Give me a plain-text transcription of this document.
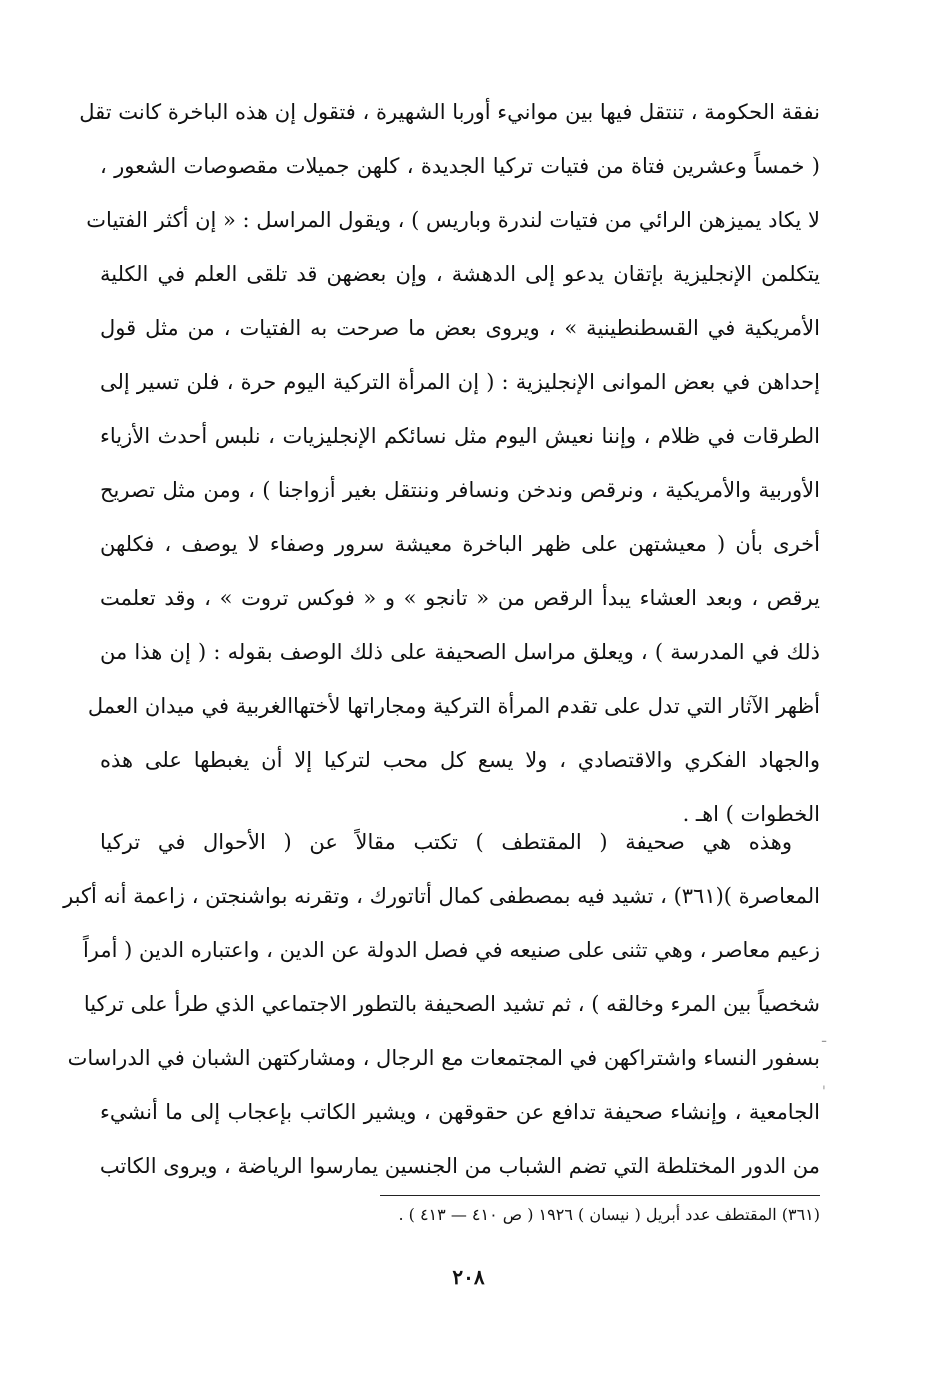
نفقة الحكومة ، تنتقل فيها بين موانيء أوربا الشهيرة ، فتقول إن هذه الباخرة كانت تقل
( خمساً وعشرين فتاة من فتيات تركيا الجديدة ، كلهن جميلات مقصوصات الشعور ،
لا يكاد يميزهن الرائي من فتيات لندرة وباريس ) ، ويقول المراسل : « إن أكثر الفتيات
يتكلمن الإنجليزية بإتقان يدعو إلى الدهشة ، وإن بعضهن قد تلقى العلم في الكلية
الأمريكية في القسطنطينية » ، ويروى بعض ما صرحت به الفتيات ، من مثل قول
إحداهن في بعض الموانى الإنجليزية : ( إن المرأة التركية اليوم حرة ، فلن تسير إلى
الطرقات في ظلام ، وإننا نعيش اليوم مثل نسائكم الإنجليزيات ، نلبس أحدث الأزياء
الأوربية والأمريكية ، ونرقص وندخن ونسافر وننتقل بغير أزواجنا ) ، ومن مثل تصريح
أخرى بأن ( معيشتهن على ظهر الباخرة معيشة سرور وصفاء لا يوصف ، فكلهن
يرقص ، وبعد العشاء يبدأ الرقص من « تانجو » و « فوكس تروت » ، وقد تعلمت
ذلك في المدرسة ) ، ويعلق مراسل الصحيفة على ذلك الوصف بقوله : ( إن هذا من
أظهر الآثار التي تدل على تقدم المرأة التركية ومجاراتها لأختهاالغربية في ميدان العمل
والجهاد الفكري والاقتصادي ، ولا يسع كل محب لتركيا إلا أن يغبطها على هذه
الخطوات ) اهـ .
وهذه هي صحيفة ( المقتطف ) تكتب مقالاً عن ( الأحوال في تركيا
المعاصرة )(٣٦١) ، تشيد فيه بمصطفى كمال أتاتورك ، وتقرنه بواشنجتن ، زاعمة أنه أكبر
زعيم معاصر ، وهي تثنى على صنيعه في فصل الدولة عن الدين ، واعتباره الدين ( أمراً
شخصياً بين المرء وخالقه ) ، ثم تشيد الصحيفة بالتطور الاجتماعي الذي طرأ على تركيا
بسفور النساء واشتراكهن في المجتمعات مع الرجال ، ومشاركتهن الشبان في الدراسات
الجامعية ، وإنشاء صحيفة تدافع عن حقوقهن ، ويشير الكاتب بإعجاب إلى ما أنشيء
من الدور المختلطة التي تضم الشباب من الجنسين يمارسوا الرياضة ، ويروى الكاتب
ـ
'
(٣٦١) المقتطف عدد أبريل ( نيسان ) ١٩٢٦ ( ص ٤١٠ — ٤١٣ ) .
٢٠٨
